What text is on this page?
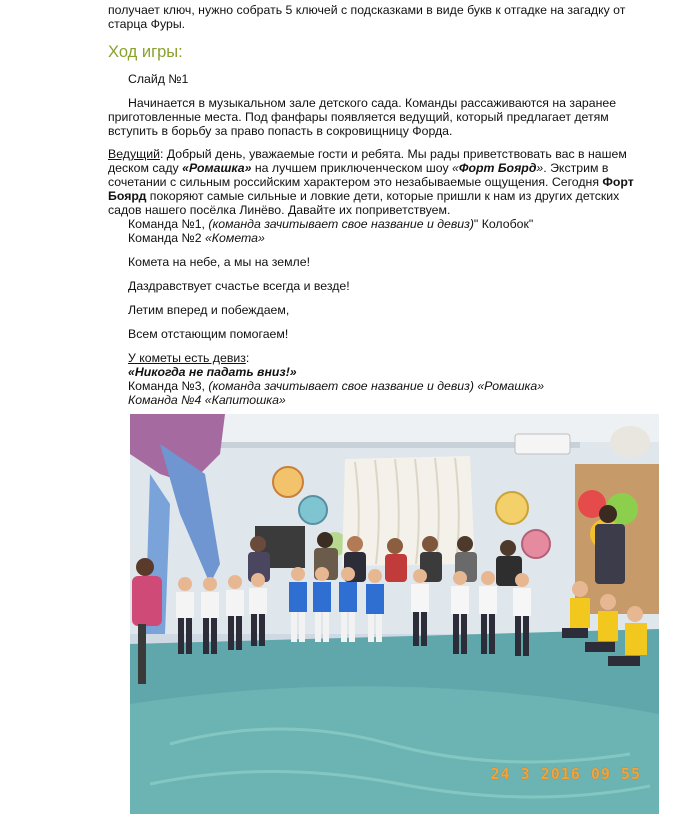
получает ключ, нужно собрать 5 ключей с подсказками в виде букв к отгадке на загадку от

старца Фуры.

Ход игры:

Слайд №1

Начинается в музыкальном зале детского сада. Команды рассаживаются на заранее

приготовленные места. Под фанфары появляется ведущий, который предлагает детям

вступить в борьбу за право попасть в сокровищницу Форда.

Ведущий: Добрый день, уважаемые гости и ребята. Мы рады приветствовать вас в нашем

деском саду «Ромашка» на лучшем приключенческом шоу «Форт Боярд». Экстрим в

сочетании с сильным российским характером это незабываемые ощущения. Сегодня Форт

Боярд покоряют самые сильные и ловкие дети, которые пришли к нам из других детских

садов нашего посёлка Линёво. Давайте их поприветствуем.

Команда №1, (команда зачитывает свое название и девиз)" Колобок"

Команда №2 «Комета»

Комета на небе, а мы на земле!

Даздравствует счастье всегда и везде!

Летим вперед и побеждаем,

Всем отстающим помогаем!

У кометы есть девиз:

«Никогда не падать вниз!»

Команда №3, (команда зачитывает свое название и девиз) «Ромашка»

Команда №4 «Капитошка»

24 3 2016 09 55
